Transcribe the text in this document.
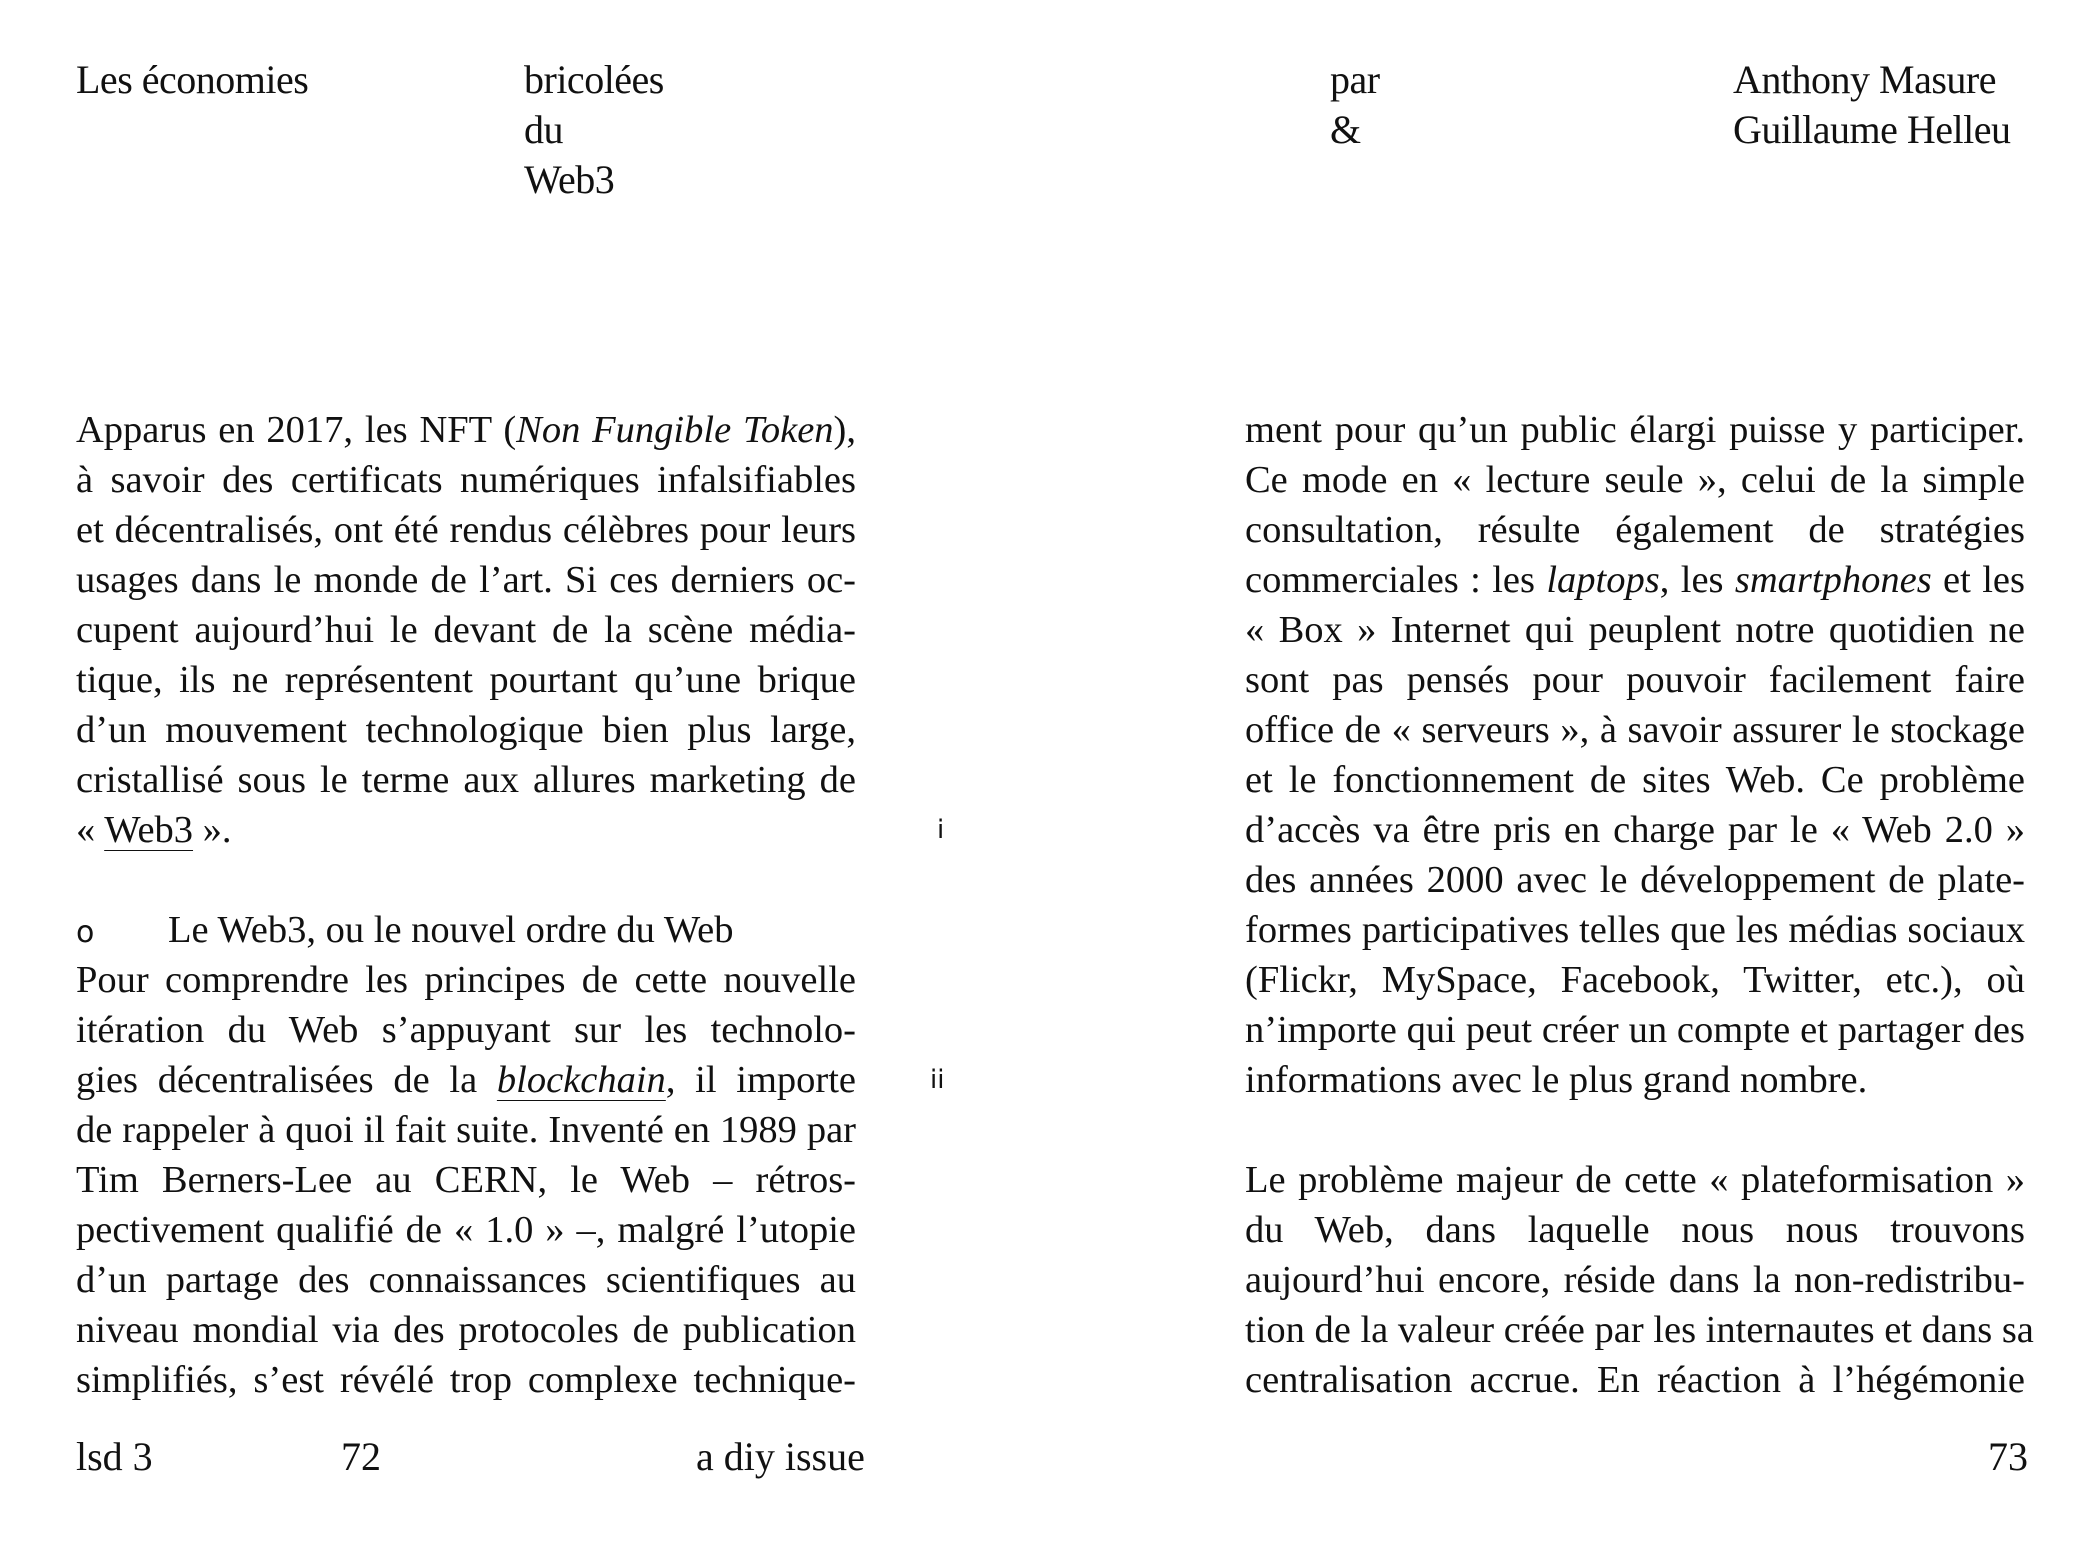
Les économies	bricolées
du
Web3
par
&
Anthony Masure
Guillaume Helleu
Apparus en 2017, les NFT (Non Fungible Token),
à savoir des certificats numériques infalsifiables
et décentralisés, ont été rendus célèbres pour leurs
usages dans le monde de l’art. Si ces derniers oc-
cupent aujourd’hui le devant de la scène média-
tique, ils ne représentent pourtant qu’une brique
d’un mouvement technologique bien plus large,
cristallisé sous le terme aux allures marketing de
« Web3 ».
o Le Web3, ou le nouvel ordre du Web
Pour comprendre les principes de cette nouvelle
itération du Web s’appuyant sur les technolo-
gies décentralisées de la blockchain, il importe
de rappeler à quoi il fait suite. Inventé en 1989 par
Tim Berners-Lee au CERN, le Web – rétros-
pectivement qualifié de « 1.0 » –, malgré l’utopie
d’un partage des connaissances scientifiques au
niveau mondial via des protocoles de publication
simplifiés, s’est révélé trop complexe technique-
i
ii
ment pour qu’un public élargi puisse y participer.
Ce mode en « lecture seule », celui de la simple
consultation, résulte également de stratégies
commerciales : les laptops, les smartphones et les
« Box » Internet qui peuplent notre quotidien ne
sont pas pensés pour pouvoir facilement faire
office de « serveurs », à savoir assurer le stockage
et le fonctionnement de sites Web. Ce problème
d’accès va être pris en charge par le « Web 2.0 »
des années 2000 avec le développement de plate-
formes participatives telles que les médias sociaux
(Flickr, MySpace, Facebook, Twitter, etc.), où
n’importe qui peut créer un compte et partager des
informations avec le plus grand nombre.
Le problème majeur de cette « plateformisation »
du Web, dans laquelle nous nous trouvons
aujourd’hui encore, réside dans la non-redistribu-
tion de la valeur créée par les internautes et dans sa
centralisation accrue. En réaction à l’hégémonie
lsd 3	72	a diy issue	73
